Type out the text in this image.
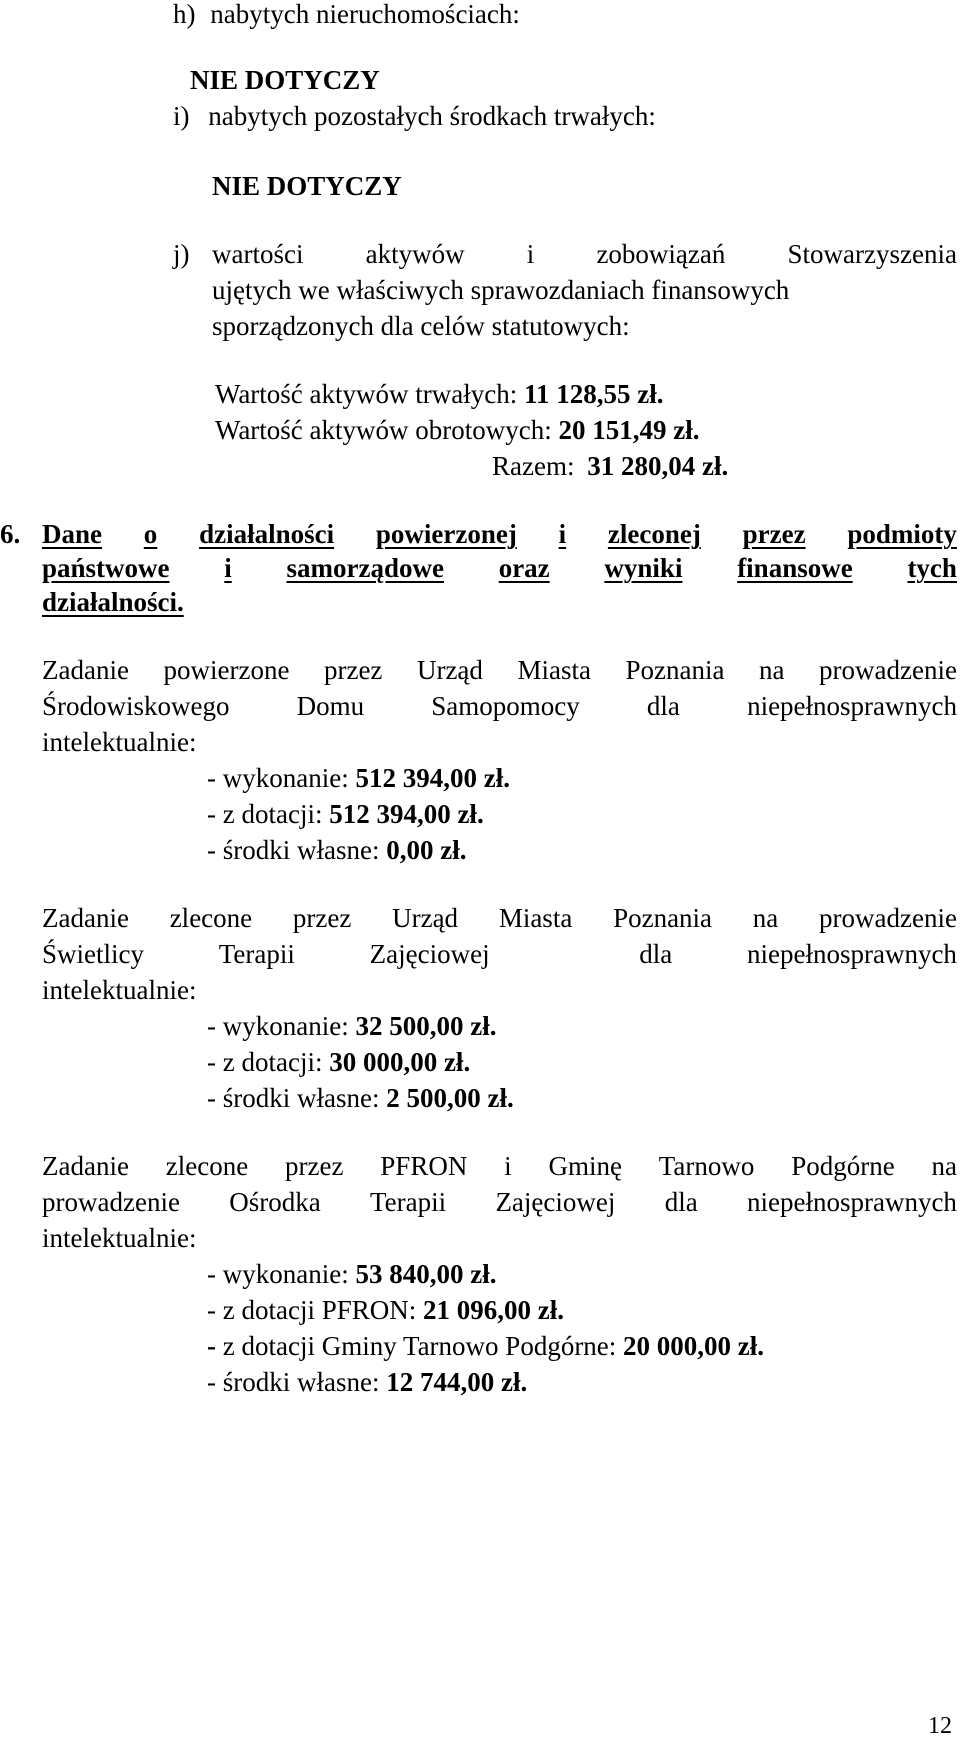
h) nabytych nieruchomościach:
NIE DOTYCZY
i) nabytych pozostałych środkach trwałych:
NIE DOTYCZY
j) wartości aktywów i zobowiązań Stowarzyszenia
ujętych we właściwych sprawozdaniach finansowych
sporządzonych dla celów statutowych:
Wartość aktywów trwałych: 11 128,55 zł.
Wartość aktywów obrotowych: 20 151,49 zł.
Razem: 31 280,04 zł.
6. Dane o działalności powierzonej i zleconej przez podmioty
państwowe i samorządowe oraz wyniki finansowe tych
działalności.
Zadanie powierzone przez Urząd Miasta Poznania na prowadzenie
Środowiskowego Domu Samopomocy dla niepełnosprawnych
intelektualnie:
- wykonanie: 512 394,00 zł.
- z dotacji: 512 394,00 zł.
- środki własne: 0,00 zł.
Zadanie zlecone przez Urząd Miasta Poznania na prowadzenie
Świetlicy	Terapii	Zajęciowej	dla	niepełnosprawnych
intelektualnie:
- wykonanie: 32 500,00 zł.
- z dotacji: 30 000,00 zł.
- środki własne: 2 500,00 zł.
Zadanie zlecone przez PFRON i Gminę Tarnowo Podgórne na
prowadzenie Ośrodka Terapii Zajęciowej dla niepełnosprawnych
intelektualnie:
- wykonanie: 53 840,00 zł.
- z dotacji PFRON: 21 096,00 zł.
- z dotacji Gminy Tarnowo Podgórne: 20 000,00 zł.
- środki własne: 12 744,00 zł.
12
